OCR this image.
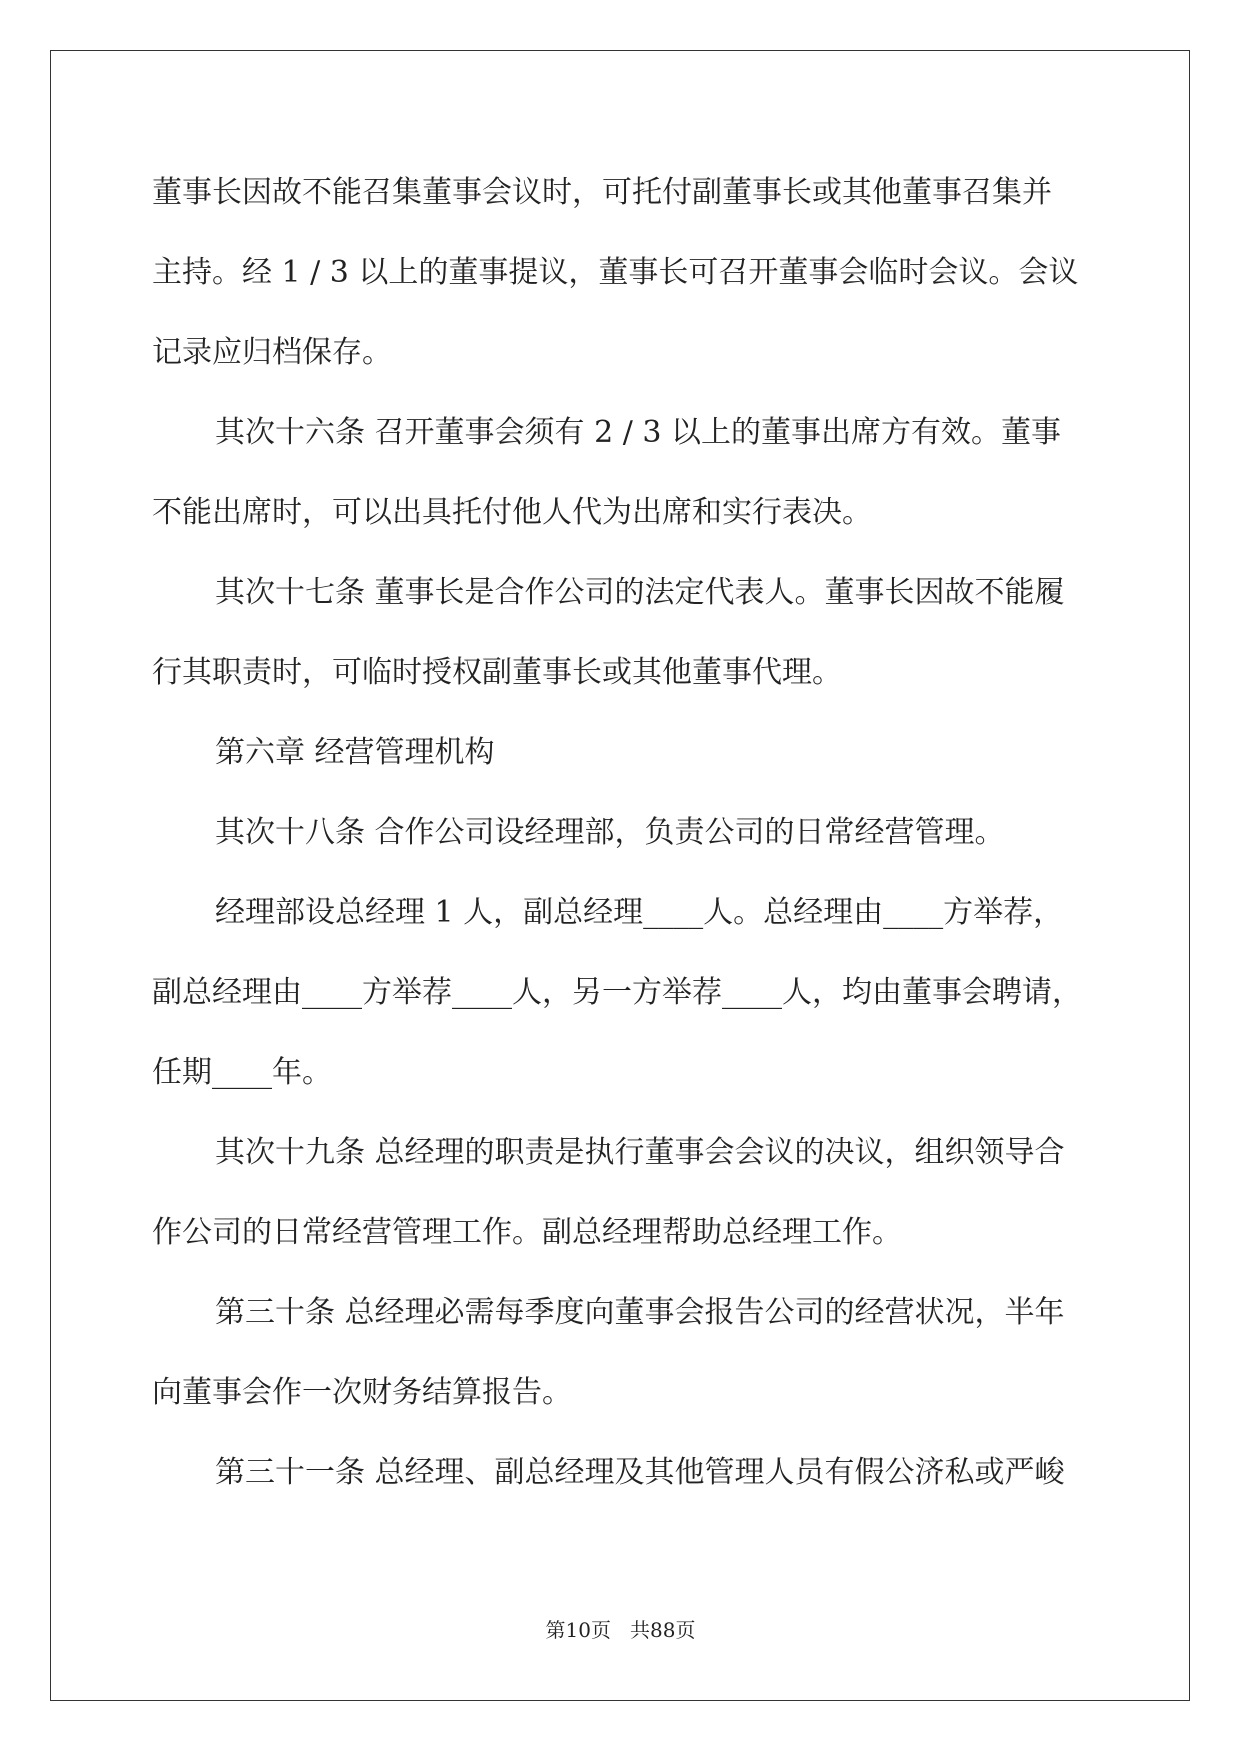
董事长因故不能召集董事会议时，可托付副董事长或其他董事召集并
主持。经 1 / 3 以上的董事提议，董事长可召开董事会临时会议。会议
记录应归档保存。
其次十六条 召开董事会须有 2 / 3 以上的董事出席方有效。董事
不能出席时，可以出具托付他人代为出席和实行表决。
其次十七条 董事长是合作公司的法定代表人。董事长因故不能履
行其职责时，可临时授权副董事长或其他董事代理。
第六章 经营管理机构
其次十八条 合作公司设经理部，负责公司的日常经营管理。
经理部设总经理 1 人，副总经理____人。总经理由____方举荐，
副总经理由____方举荐____人，另一方举荐____人，均由董事会聘请，
任期____年。
其次十九条 总经理的职责是执行董事会会议的决议，组织领导合
作公司的日常经营管理工作。副总经理帮助总经理工作。
第三十条 总经理必需每季度向董事会报告公司的经营状况，半年
向董事会作一次财务结算报告。
第三十一条 总经理、副总经理及其他管理人员有假公济私或严峻
第10页 共88页
